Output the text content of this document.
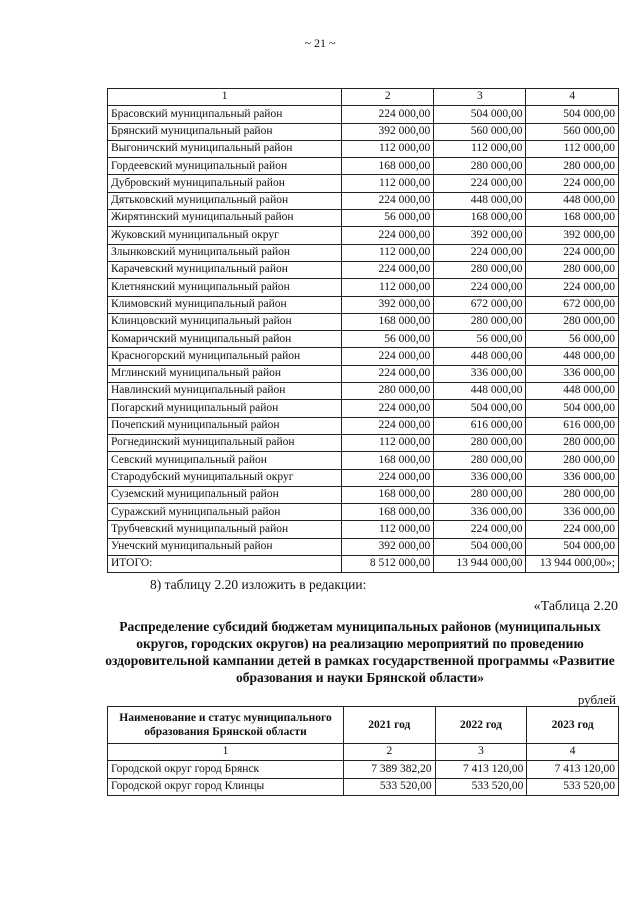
~ 21 ~
1	2	3	4
Брасовский муниципальный район	224 000,00	504 000,00	504 000,00
Брянский муниципальный район	392 000,00	560 000,00	560 000,00
Выгоничский муниципальный район	112 000,00	112 000,00	112 000,00
Гордеевский муниципальный район	168 000,00	280 000,00	280 000,00
Дубровский муниципальный район	112 000,00	224 000,00	224 000,00
Дятьковский муниципальный район	224 000,00	448 000,00	448 000,00
Жирятинский муниципальный район	56 000,00	168 000,00	168 000,00
Жуковский муниципальный округ	224 000,00	392 000,00	392 000,00
Злынковский муниципальный район	112 000,00	224 000,00	224 000,00
Карачевский муниципальный район	224 000,00	280 000,00	280 000,00
Клетнянский муниципальный район	112 000,00	224 000,00	224 000,00
Климовский муниципальный район	392 000,00	672 000,00	672 000,00
Клинцовский муниципальный район	168 000,00	280 000,00	280 000,00
Комаричский муниципальный район	56 000,00	56 000,00	56 000,00
Красногорский муниципальный район	224 000,00	448 000,00	448 000,00
Мглинский муниципальный район	224 000,00	336 000,00	336 000,00
Навлинский муниципальный район	280 000,00	448 000,00	448 000,00
Погарский муниципальный район	224 000,00	504 000,00	504 000,00
Почепский муниципальный район	224 000,00	616 000,00	616 000,00
Рогнединский муниципальный район	112 000,00	280 000,00	280 000,00
Севский муниципальный район	168 000,00	280 000,00	280 000,00
Стародубский муниципальный округ	224 000,00	336 000,00	336 000,00
Суземский муниципальный район	168 000,00	280 000,00	280 000,00
Суражский муниципальный район	168 000,00	336 000,00	336 000,00
Трубчевский муниципальный район	112 000,00	224 000,00	224 000,00
Унечский муниципальный район	392 000,00	504 000,00	504 000,00
ИТОГО:	8 512 000,00	13 944 000,00	13 944 000,00»;
8) таблицу 2.20 изложить в редакции:
«Таблица 2.20
Распределение субсидий бюджетам муниципальных районов (муниципальных округов, городских округов) на реализацию мероприятий по проведению оздоровительной кампании детей в рамках государственной программы «Развитие образования и науки Брянской области»
рублей
Наименование и статус муниципального образования Брянской области	2021 год	2022 год	2023 год
1	2	3	4
Городской округ город Брянск	7 389 382,20	7 413 120,00	7 413 120,00
Городской округ город Клинцы	533 520,00	533 520,00	533 520,00
